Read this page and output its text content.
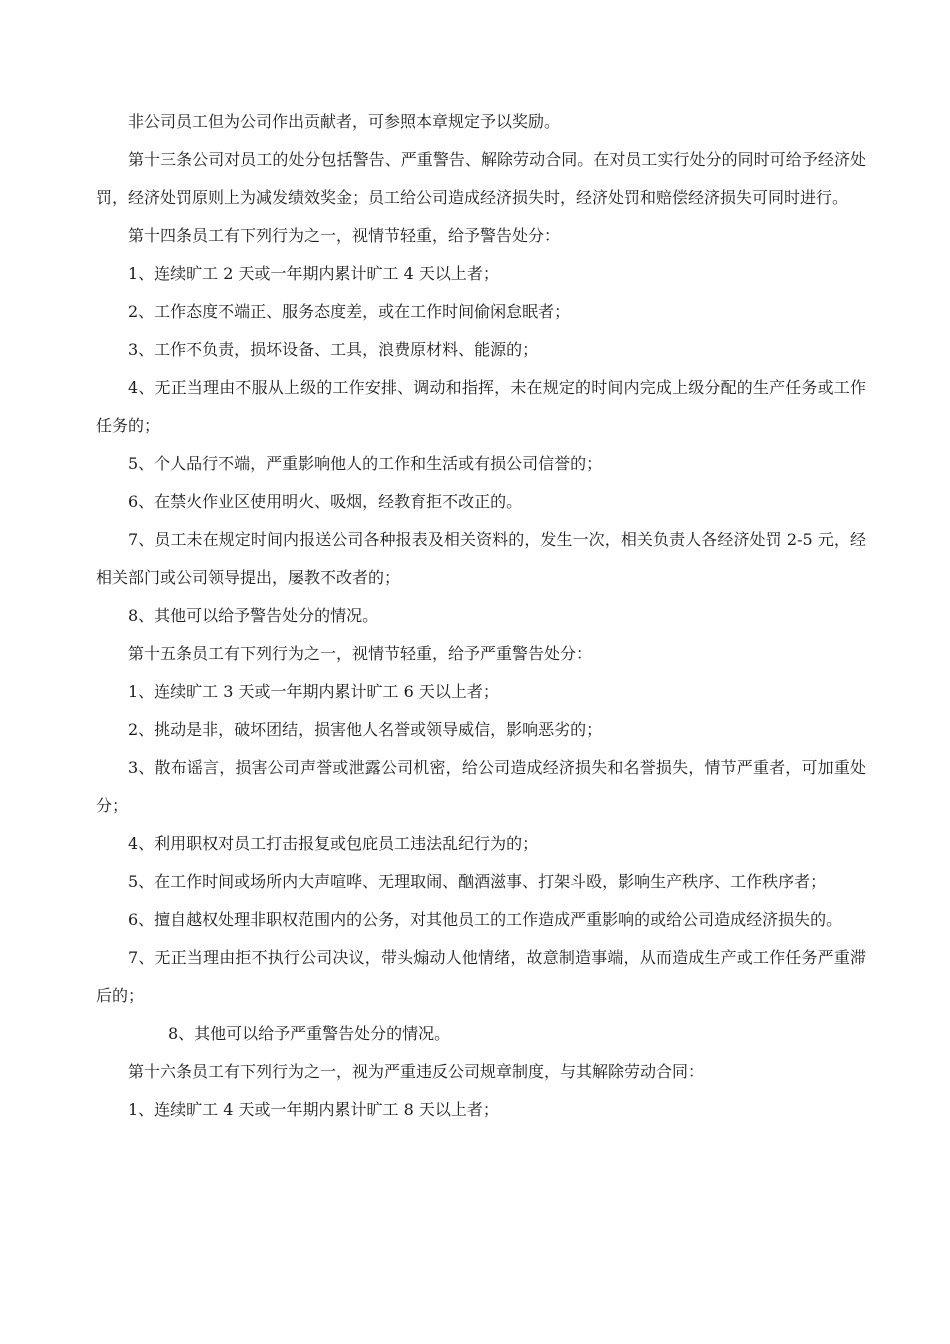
非公司员工但为公司作出贡献者，可参照本章规定予以奖励。

第十三条公司对员工的处分包括警告、严重警告、解除劳动合同。在对员工实行处分的同时可给予经济处罚，经济处罚原则上为减发绩效奖金；员工给公司造成经济损失时，经济处罚和赔偿经济损失可同时进行。

第十四条员工有下列行为之一，视情节轻重，给予警告处分：

1、连续旷工 2 天或一年期内累计旷工 4 天以上者；

2、工作态度不端正、服务态度差，或在工作时间偷闲怠眠者；

3、工作不负责，损坏设备、工具，浪费原材料、能源的；

4、无正当理由不服从上级的工作安排、调动和指挥，未在规定的时间内完成上级分配的生产任务或工作任务的；

5、个人品行不端，严重影响他人的工作和生活或有损公司信誉的；

6、在禁火作业区使用明火、吸烟，经教育拒不改正的。

7、员工未在规定时间内报送公司各种报表及相关资料的，发生一次，相关负责人各经济处罚 2-5 元，经相关部门或公司领导提出，屡教不改者的；

8、其他可以给予警告处分的情况。

第十五条员工有下列行为之一，视情节轻重，给予严重警告处分：

1、连续旷工 3 天或一年期内累计旷工 6 天以上者；

2、挑动是非，破坏团结，损害他人名誉或领导威信，影响恶劣的；

3、散布谣言，损害公司声誉或泄露公司机密，给公司造成经济损失和名誉损失，情节严重者，可加重处分；

4、利用职权对员工打击报复或包庇员工违法乱纪行为的；

5、在工作时间或场所内大声喧哗、无理取闹、酗酒滋事、打架斗殴，影响生产秩序、工作秩序者；

6、擅自越权处理非职权范围内的公务，对其他员工的工作造成严重影响的或给公司造成经济损失的。

7、无正当理由拒不执行公司决议，带头煽动人他情绪，故意制造事端，从而造成生产或工作任务严重滞后的；

8、其他可以给予严重警告处分的情况。

第十六条员工有下列行为之一，视为严重违反公司规章制度，与其解除劳动合同：

1、连续旷工 4 天或一年期内累计旷工 8 天以上者；
